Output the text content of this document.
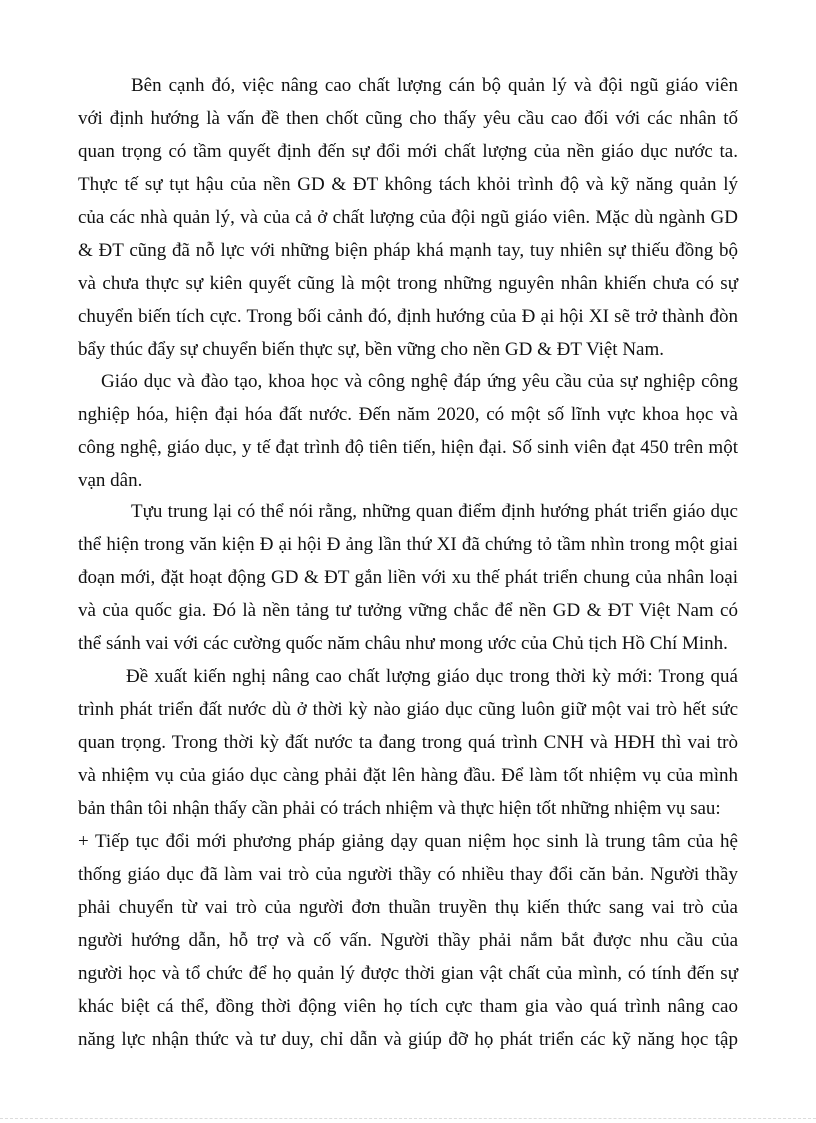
Bên cạnh đó, việc nâng cao chất lượng cán bộ quản lý và đội ngũ giáo viên

với định hướng là vấn đề then chốt cũng cho thấy yêu cầu cao đối với các nhân tố

quan trọng có tầm quyết định đến sự đổi mới chất lượng của nền giáo dục nước ta.

Thực tế sự tụt hậu của nền GD & ĐT không tách khỏi trình độ và kỹ năng quản lý

của các nhà quản lý, và của cả ở chất lượng của đội ngũ giáo viên. Mặc dù ngành GD

& ĐT cũng đã nỗ lực với những biện pháp khá mạnh tay, tuy nhiên sự thiếu đồng bộ

và chưa thực sự kiên quyết cũng là một trong những nguyên nhân khiến chưa có sự

chuyển biến tích cực. Trong bối cảnh đó, định hướng của Đ ại hội XI sẽ trở thành đòn

bẩy thúc đẩy sự chuyển biến thực sự, bền vững cho nền GD & ĐT Việt Nam.

Giáo dục và đào tạo, khoa học và công nghệ đáp ứng yêu cầu của sự nghiệp công

nghiệp hóa, hiện đại hóa đất nước. Đến năm 2020, có một số lĩnh vực khoa học và

công nghệ, giáo dục, y tế đạt trình độ tiên tiến, hiện đại. Số sinh viên đạt 450 trên một

vạn dân.

Tựu trung lại có thể nói rằng, những quan điểm định hướng phát triển giáo dục

thể hiện trong văn kiện Đ ại hội Đ ảng lần thứ XI đã chứng tỏ tầm nhìn trong một giai

đoạn mới, đặt hoạt động GD & ĐT gắn liền với xu thế phát triển chung của nhân loại

và của quốc gia. Đó là nền tảng tư tưởng vững chắc để nền GD & ĐT Việt Nam có

thể sánh vai với các cường quốc năm châu như mong ước của Chủ tịch Hồ Chí Minh.

Đề xuất kiến nghị nâng cao chất lượng giáo dục trong thời kỳ mới: Trong quá

trình phát triển đất nước dù ở thời kỳ nào giáo dục cũng luôn giữ một vai trò hết sức

quan trọng. Trong thời kỳ đất nước ta đang trong quá trình CNH và HĐH thì vai trò

và nhiệm vụ của giáo dục càng phải đặt lên hàng đầu. Để làm tốt nhiệm vụ của mình

bản thân tôi nhận thấy cần phải có trách nhiệm và thực hiện tốt những nhiệm vụ sau:

+ Tiếp tục đổi mới phương pháp giảng dạy quan niệm học sinh là trung tâm của hệ

thống giáo dục đã làm vai trò của người thầy có nhiều thay đổi căn bản. Người thầy

phải chuyển từ vai trò của người đơn thuần truyền thụ kiến thức sang vai trò của

người hướng dẫn, hỗ trợ và cố vấn. Người thầy phải nắm bắt được nhu cầu của

người học và tổ chức để họ quản lý được thời gian vật chất của mình, có tính đến sự

khác biệt cá thể, đồng thời động viên họ tích cực tham gia vào quá trình nâng cao

năng lực nhận thức và tư duy, chỉ dẫn và giúp đỡ họ phát triển các kỹ năng học tập
